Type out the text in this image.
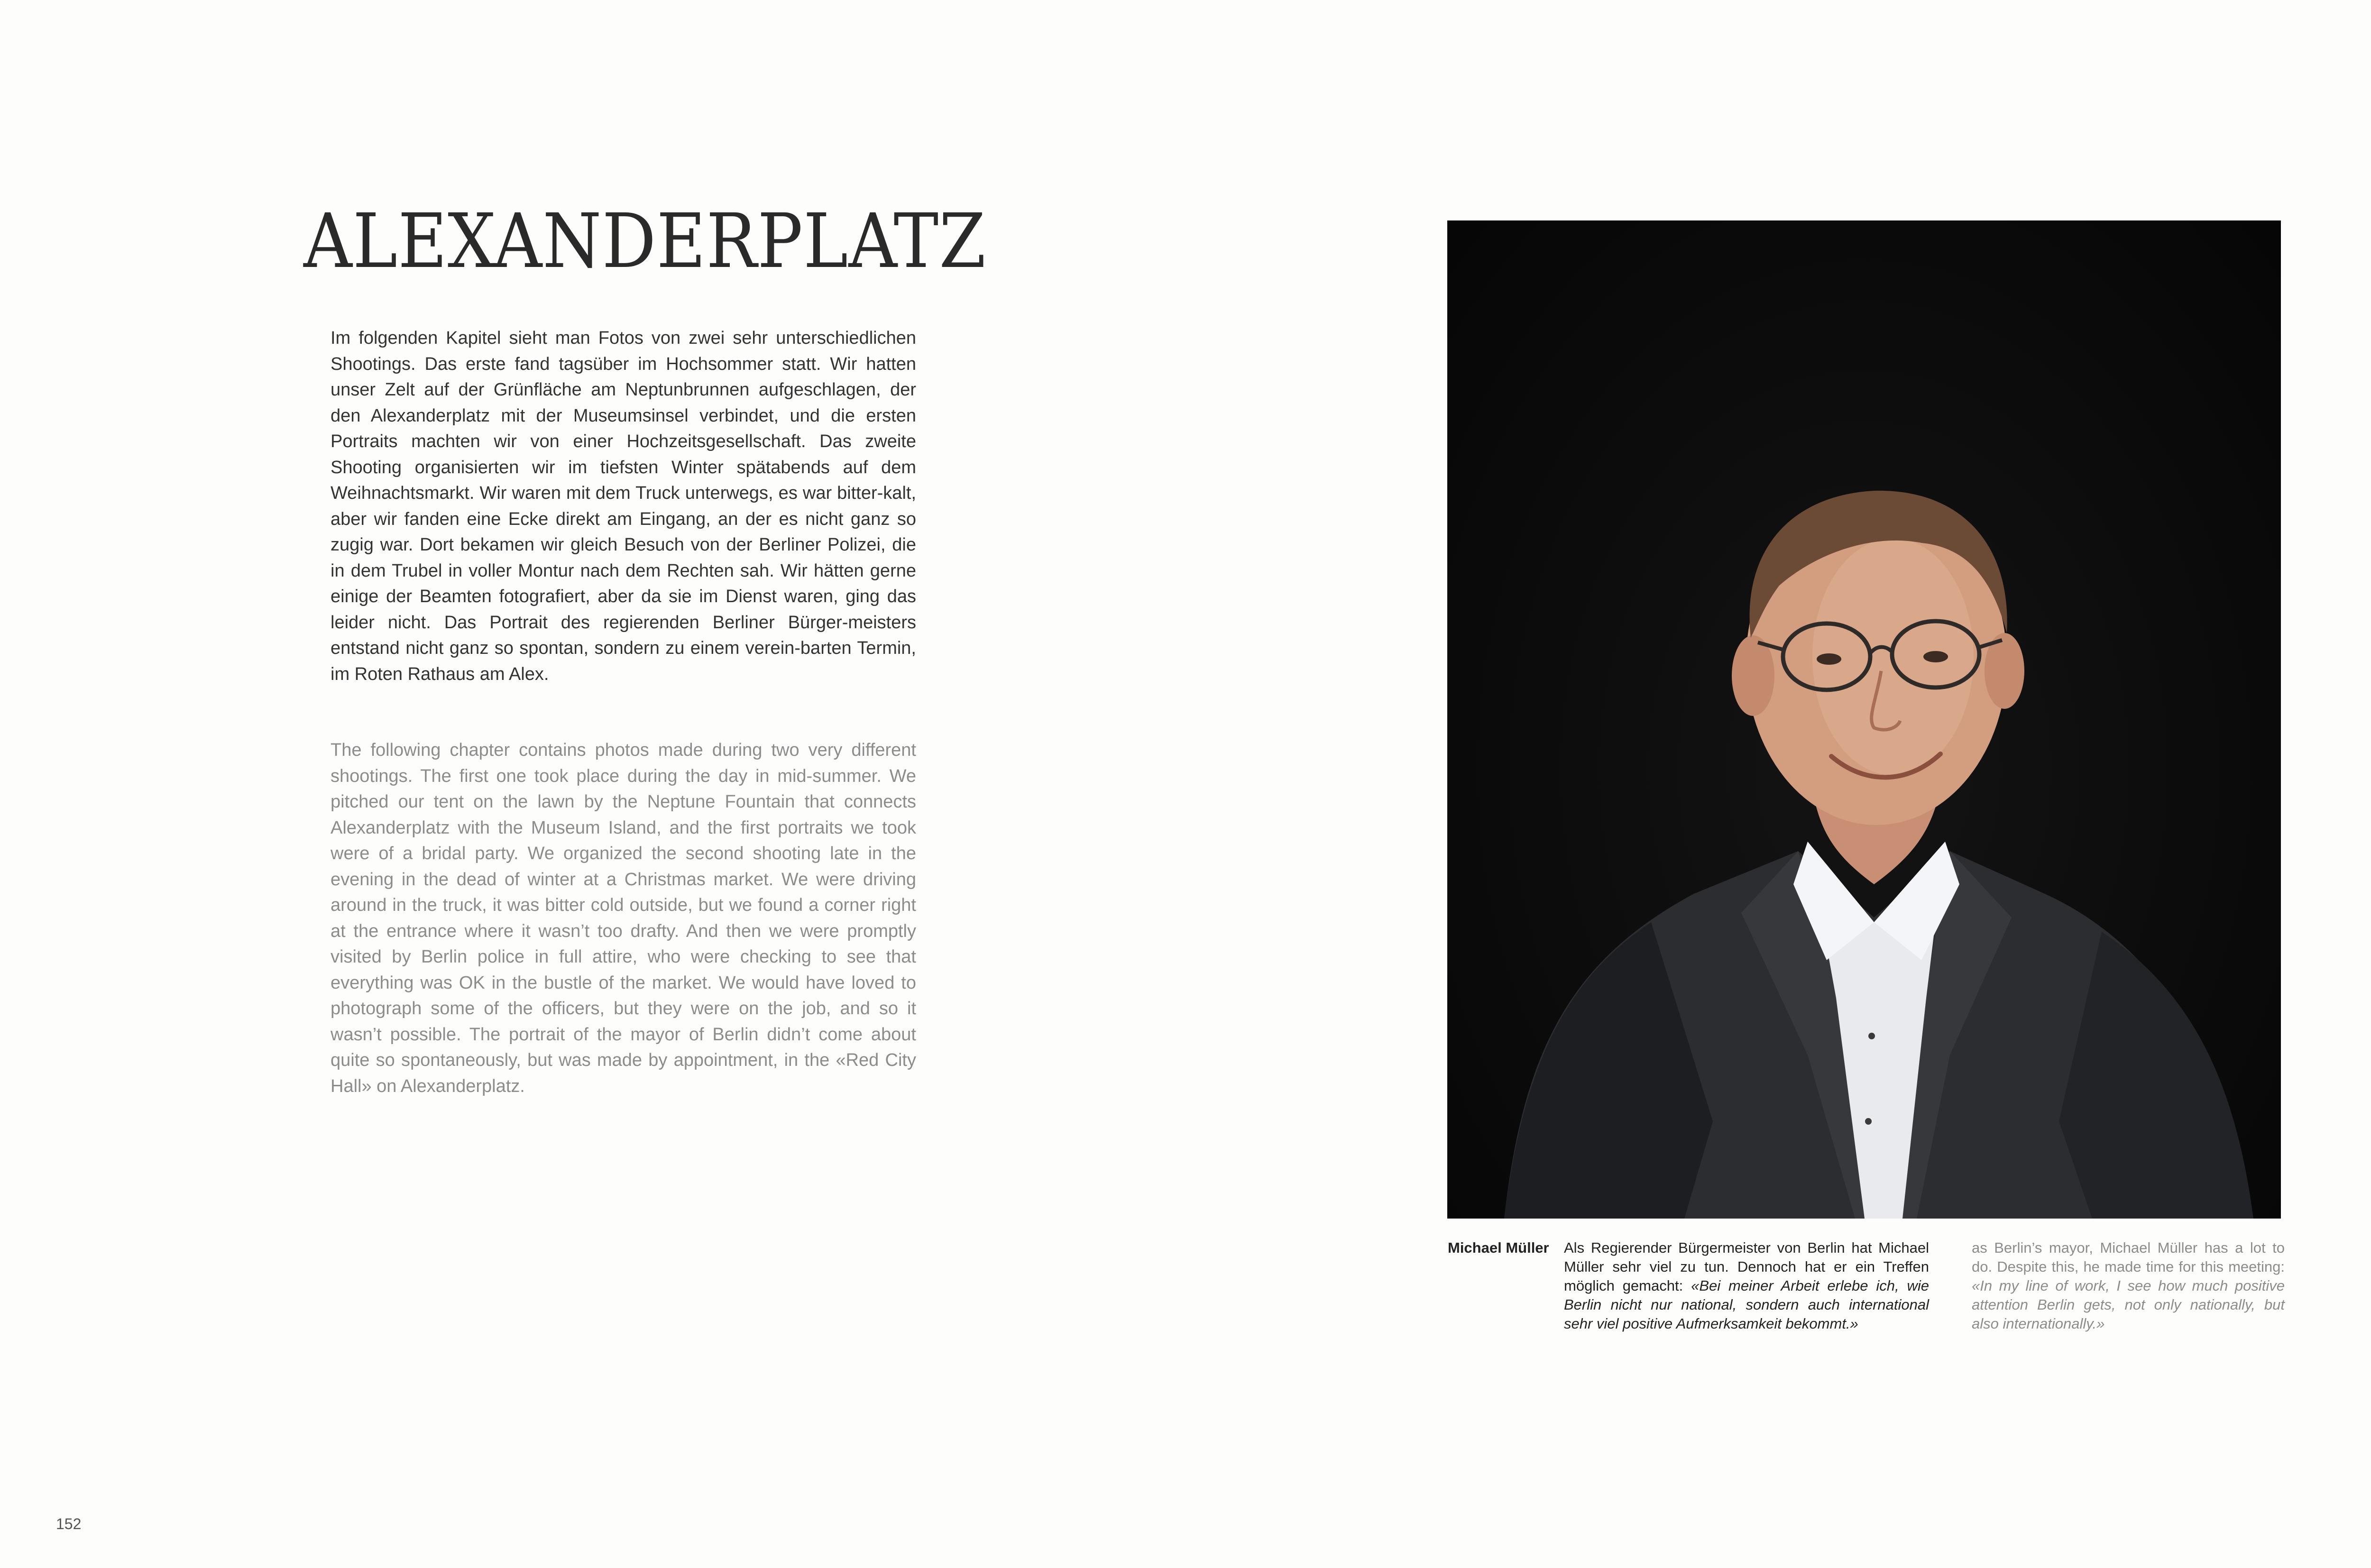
ALEXANDERPLATZ

Im folgenden Kapitel sieht man Fotos von zwei sehr unterschiedlichen Shootings. Das erste fand tagsüber im Hochsommer statt. Wir hatten unser Zelt auf der Grünfläche am Neptunbrunnen aufgeschlagen, der den Alexanderplatz mit der Museumsinsel verbindet, und die ersten Portraits machten wir von einer Hochzeitsgesellschaft. Das zweite Shooting organisierten wir im tiefsten Winter spätabends auf dem Weihnachtsmarkt. Wir waren mit dem Truck unterwegs, es war bitter-kalt, aber wir fanden eine Ecke direkt am Eingang, an der es nicht ganz so zugig war. Dort bekamen wir gleich Besuch von der Berliner Polizei, die in dem Trubel in voller Montur nach dem Rechten sah. Wir hätten gerne einige der Beamten fotografiert, aber da sie im Dienst waren, ging das leider nicht. Das Portrait des regierenden Berliner Bürger-meisters entstand nicht ganz so spontan, sondern zu einem verein-barten Termin, im Roten Rathaus am Alex.

The following chapter contains photos made during two very different shootings. The first one took place during the day in mid-summer. We pitched our tent on the lawn by the Neptune Fountain that connects Alexanderplatz with the Museum Island, and the first portraits we took were of a bridal party. We organized the second shooting late in the evening in the dead of winter at a Christmas market. We were driving around in the truck, it was bitter cold outside, but we found a corner right at the entrance where it wasn’t too drafty. And then we were promptly visited by Berlin police in full attire, who were checking to see that everything was OK in the bustle of the market. We would have loved to photograph some of the officers, but they were on the job, and so it wasn’t possible. The portrait of the mayor of Berlin didn’t come about quite so spontaneously, but was made by appointment, in the «Red City Hall» on Alexanderplatz.

Michael Müller	Als Regierender Bürgermeister von Berlin hat Michael Müller sehr viel zu tun. Dennoch hat er ein Treffen möglich gemacht: «Bei meiner Arbeit erlebe ich, wie Berlin nicht nur national, sondern auch international sehr viel positive Aufmerksamkeit bekommt.»

as Berlin’s mayor, Michael Müller has a lot to do. Despite this, he made time for this meeting: «In my line of work, I see how much positive attention Berlin gets, not only nationally, but also internationally.»

152
